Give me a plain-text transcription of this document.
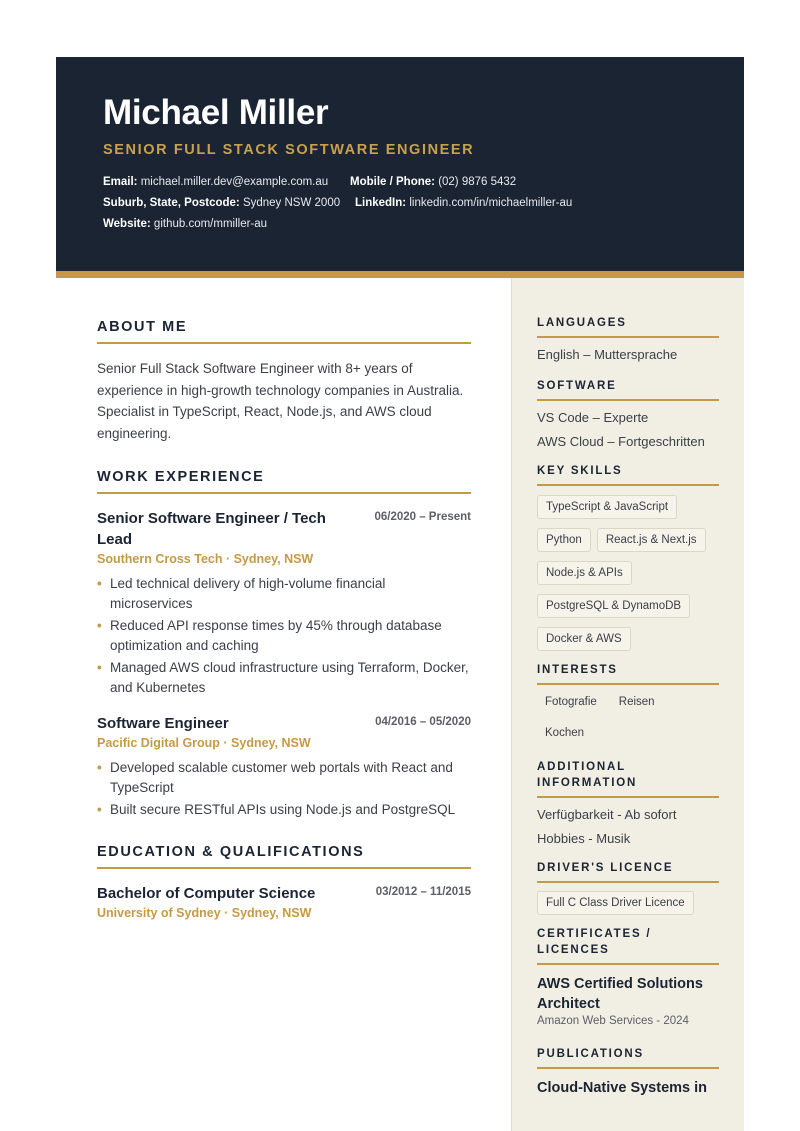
Michael Miller
SENIOR FULL STACK SOFTWARE ENGINEER
Email: michael.miller.dev@example.com.au Mobile / Phone: (02) 9876 5432
Suburb, State, Postcode: Sydney NSW 2000 LinkedIn: linkedin.com/in/michaelmiller-au
Website: github.com/mmiller-au
ABOUT ME
Senior Full Stack Software Engineer with 8+ years of experience in high-growth technology companies in Australia. Specialist in TypeScript, React, Node.js, and AWS cloud engineering.
WORK EXPERIENCE
Senior Software Engineer / Tech Lead
06/2020 – Present
Southern Cross Tech · Sydney, NSW
• Led technical delivery of high-volume financial microservices
• Reduced API response times by 45% through database optimization and caching
• Managed AWS cloud infrastructure using Terraform, Docker, and Kubernetes
Software Engineer	04/2016 – 05/2020
Pacific Digital Group · Sydney, NSW
• Developed scalable customer web portals with React and TypeScript
• Built secure RESTful APIs using Node.js and PostgreSQL
EDUCATION & QUALIFICATIONS
Bachelor of Computer Science	03/2012 – 11/2015
University of Sydney · Sydney, NSW
LANGUAGES
English – Muttersprache
SOFTWARE
VS Code – Experte
AWS Cloud – Fortgeschritten
KEY SKILLS
TypeScript & JavaScript
Python React.js & Next.js
Node.js & APIs
PostgreSQL & DynamoDB
Docker & AWS
INTERESTS
Fotografie Reisen
Kochen
ADDITIONAL INFORMATION
Verfügbarkeit - Ab sofort
Hobbies - Musik
DRIVER'S LICENCE
Full C Class Driver Licence
CERTIFICATES / LICENCES
AWS Certified Solutions Architect
Amazon Web Services - 2024
PUBLICATIONS
Cloud-Native Systems in
